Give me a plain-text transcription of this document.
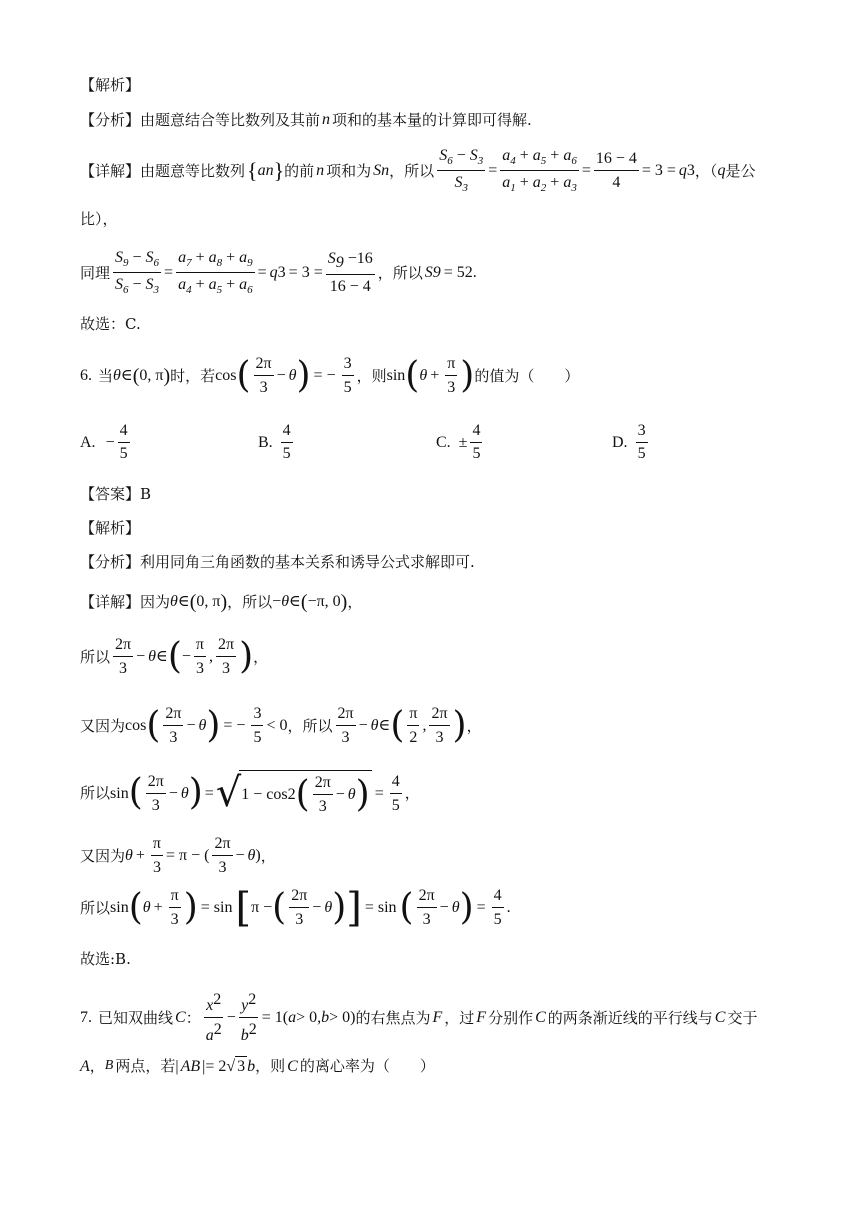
【解析】
【分析】由题意结合等比数列及其前 n 项和的基本量的计算即可得解.
【详解】由题意等比数列 { a n } 的前 n 项和为 S n ，所以 $\frac{S_6 - S_3}{S_3} = \frac{a_4 + a_5 + a_6}{a_1 + a_2 + a_3} = \frac{16 - 4}{4} = 3 = q$ 3 ，（ q 是公
比），
同理 $\frac{S_9 - S_6}{S_6 - S_3} = \frac{a_7 + a_8 + a_9}{a_4 + a_5 + a_6} = q$ $3 = 3 = \frac{S_9 -16}{16 - 4}$ ，所以 S 9 = 52 .
故选：C.
6. 当 θ ∈ ( 0, π ) 时，若 cos ( $\frac{2\pi}{3} - \theta$ ) = − $\frac{3}{5}$ ，则 sin ( $\theta + \frac{\pi}{3}$ ) 的值为（　　）
A. − $\frac{4}{5}$	B. $\frac{4}{5}$	C. ± $\frac{4}{5}$	D. $\frac{3}{5}$
【答案】B
【解析】
【分析】利用同角三角函数的基本关系和诱导公式求解即可.
【详解】因为 θ ∈ ( 0, π ) ，所以 − θ ∈ ( −π, 0 ) ，
所以 $\frac{2\pi}{3} - \theta$ ∈ ( − $\frac{\pi}{3}$ , $\frac{2\pi}{3}$ ) ，
又因为 cos ( $\frac{2\pi}{3} - \theta$ ) = − $\frac{3}{5} < 0$ ，所以 $\frac{2\pi}{3} - \theta$ ∈ ( $\frac{\pi}{2}$ , $\frac{2\pi}{3}$ ) ，
所以 sin ( $\frac{2\pi}{3} - \theta$ ) = √ 1 − cos 2 ( $\frac{2\pi}{3} - \theta$ ) = $\frac{4}{5}$ ，
又因为 $\theta + \frac{\pi}{3} = \pi$ − ( $\frac{2\pi}{3} - \theta$ ) ，
所以 sin ( $\theta + \frac{\pi}{3}$ ) = sin [ π − ( $\frac{2\pi}{3} - \theta$ ) ] = sin ( $\frac{2\pi}{3} - \theta$ ) = $\frac{4}{5}$ .
故选:B.
7. 已知双曲线 C ： $\frac{x^2}{a^2} - \frac{y^2}{b^2} = 1$( a > 0, b > 0) 的右焦点为 F ，过 F 分别作 C 的两条渐近线的平行线与 C 交于
A ， B 两点，若 | AB |= 2 √ 3 b ，则 C 的离心率为（　　）
